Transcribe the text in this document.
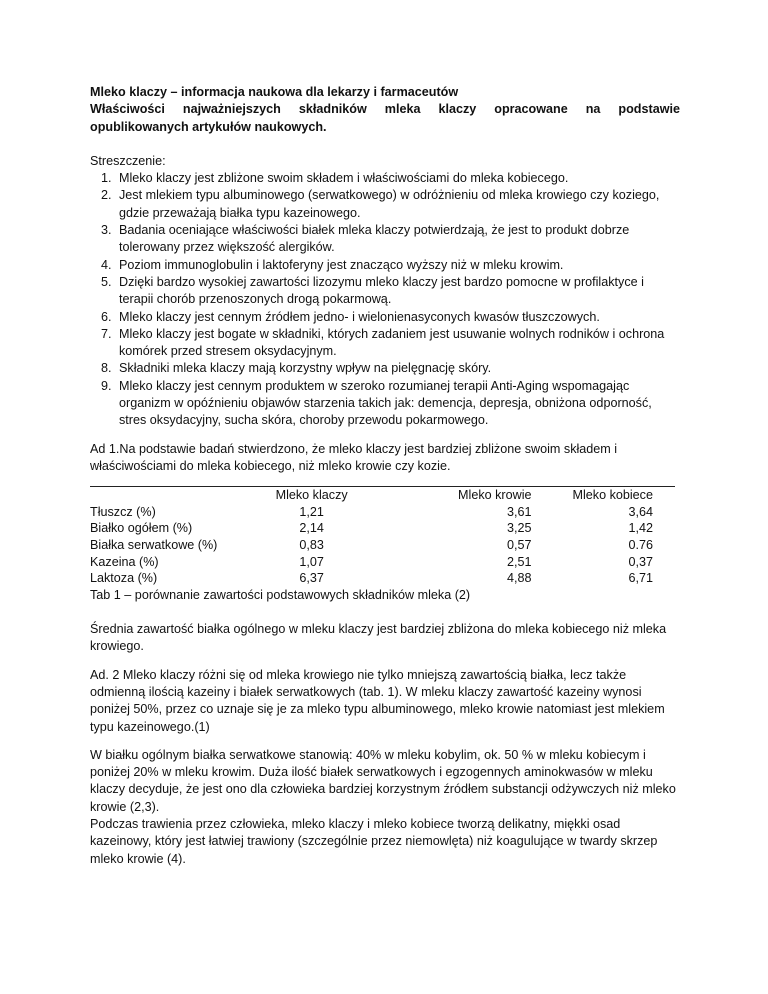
Mleko klaczy – informacja naukowa dla lekarzy i farmaceutów

Właściwości najważniejszych składników mleka klaczy opracowane na podstawie opublikowanych artykułów naukowych.

Streszczenie:

1. Mleko klaczy jest zbliżone swoim składem i właściwościami do mleka kobiecego.
2. Jest mlekiem typu albuminowego (serwatkowego) w odróżnieniu od mleka krowiego czy koziego, gdzie przeważają białka typu kazeinowego.
3. Badania oceniające właściwości białek mleka klaczy potwierdzają, że jest to produkt dobrze tolerowany przez większość alergików.
4. Poziom immunoglobulin i laktoferyny jest znacząco wyższy niż w mleku krowim.
5. Dzięki bardzo wysokiej zawartości lizozymu mleko klaczy jest bardzo pomocne w profilaktyce i terapii chorób przenoszonych drogą pokarmową.
6. Mleko klaczy jest cennym źródłem jedno- i wielonienasyconych kwasów tłuszczowych.
7. Mleko klaczy jest bogate w składniki, których zadaniem jest usuwanie wolnych rodników i ochrona komórek przed stresem oksydacyjnym.
8. Składniki mleka klaczy mają korzystny wpływ na pielęgnację skóry.
9. Mleko klaczy jest cennym produktem w szeroko rozumianej terapii Anti-Aging wspomagając organizm w opóźnieniu objawów starzenia takich jak: demencja, depresja, obniżona odporność, stres oksydacyjny, sucha skóra, choroby przewodu pokarmowego.

Ad 1.Na podstawie badań stwierdzono, że mleko klaczy jest bardziej zbliżone swoim składem i właściwościami do mleka kobiecego, niż mleko krowie czy kozie.

	Mleko klaczy	Mleko krowie	Mleko kobiece
Tłuszcz (%)	1,21	3,61	3,64
Białko ogółem (%)	2,14	3,25	1,42
Białka serwatkowe (%)	0,83	0,57	0.76
Kazeina (%)	1,07	2,51	0,37
Laktoza (%)	6,37	4,88	6,71

Tab 1 – porównanie zawartości podstawowych składników mleka (2)

Średnia zawartość białka ogólnego w mleku klaczy jest bardziej zbliżona do mleka kobiecego niż mleka krowiego.

Ad. 2 Mleko klaczy różni się od mleka krowiego nie tylko mniejszą zawartością białka, lecz także odmienną ilością kazeiny i białek serwatkowych (tab. 1). W mleku klaczy zawartość kazeiny wynosi poniżej 50%, przez co uznaje się je za mleko typu albuminowego, mleko krowie natomiast jest mlekiem typu kazeinowego.(1)

W białku ogólnym białka serwatkowe stanowią: 40% w mleku kobylim, ok. 50 % w mleku kobiecym i poniżej 20% w mleku krowim. Duża ilość białek serwatkowych i egzogennych aminokwasów w mleku klaczy decyduje, że jest ono dla człowieka bardziej korzystnym źródłem substancji odżywczych niż mleko krowie (2,3).

Podczas trawienia przez człowieka, mleko klaczy i mleko kobiece tworzą delikatny, miękki osad kazeinowy, który jest łatwiej trawiony (szczególnie przez niemowlęta) niż koagulujące w twardy skrzep mleko krowie (4).
